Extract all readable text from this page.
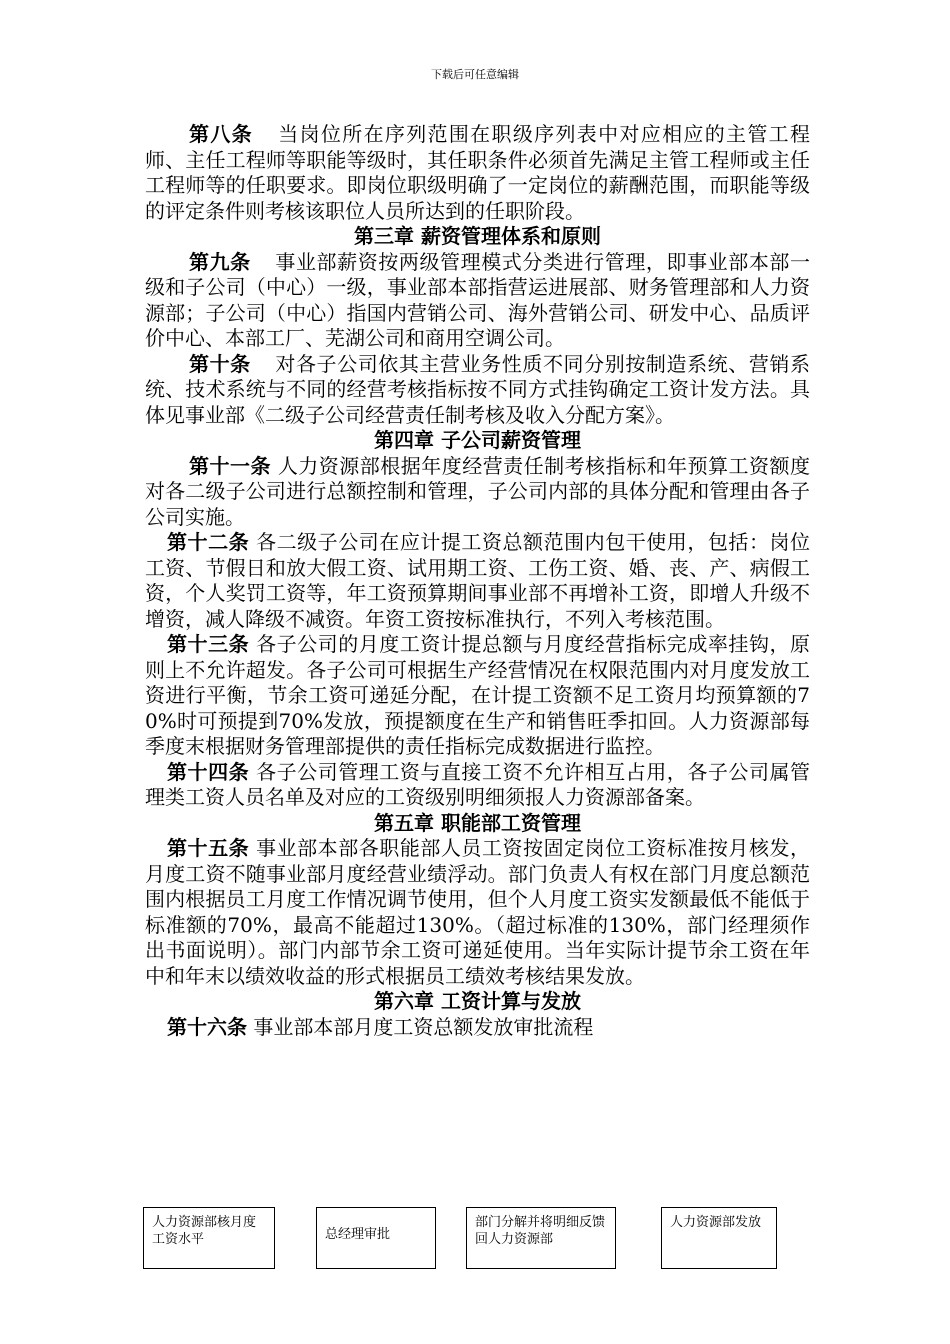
下载后可任意编辑

第八条 当岗位所在序列范围在职级序列表中对应相应的主管工程师、主任工程师等职能等级时，其任职条件必须首先满足主管工程师或主任工程师等的任职要求。即岗位职级明确了一定岗位的薪酬范围，而职能等级的评定条件则考核该职位人员所达到的任职阶段。

第三章 薪资管理体系和原则

第九条 事业部薪资按两级管理模式分类进行管理，即事业部本部一级和子公司（中心）一级，事业部本部指营运进展部、财务管理部和人力资源部；子公司（中心）指国内营销公司、海外营销公司、研发中心、品质评价中心、本部工厂、芜湖公司和商用空调公司。

第十条 对各子公司依其主营业务性质不同分别按制造系统、营销系统、技术系统与不同的经营考核指标按不同方式挂钩确定工资计发方法。具体见事业部《二级子公司经营责任制考核及收入分配方案》。

第四章 子公司薪资管理

第十一条 人力资源部根据年度经营责任制考核指标和年预算工资额度对各二级子公司进行总额控制和管理，子公司内部的具体分配和管理由各子公司实施。

第十二条 各二级子公司在应计提工资总额范围内包干使用，包括：岗位工资、节假日和放大假工资、试用期工资、工伤工资、婚、丧、产、病假工资，个人奖罚工资等，年工资预算期间事业部不再增补工资，即增人升级不增资，减人降级不减资。年资工资按标准执行，不列入考核范围。

第十三条 各子公司的月度工资计提总额与月度经营指标完成率挂钩，原则上不允许超发。各子公司可根据生产经营情况在权限范围内对月度发放工资进行平衡，节余工资可递延分配，在计提工资额不足工资月均预算额的70%时可预提到70%发放，预提额度在生产和销售旺季扣回。人力资源部每季度末根据财务管理部提供的责任指标完成数据进行监控。

第十四条 各子公司管理工资与直接工资不允许相互占用，各子公司属管理类工资人员名单及对应的工资级别明细须报人力资源部备案。

第五章 职能部工资管理

第十五条 事业部本部各职能部人员工资按固定岗位工资标准按月核发，月度工资不随事业部月度经营业绩浮动。部门负责人有权在部门月度总额范围内根据员工月度工作情况调节使用，但个人月度工资实发额最低不能低于标准额的70%，最高不能超过130%。（超过标准的130%，部门经理须作出书面说明）。部门内部节余工资可递延使用。当年实际计提节余工资在年中和年末以绩效收益的形式根据员工绩效考核结果发放。

第六章 工资计算与发放

第十六条 事业部本部月度工资总额发放审批流程

人力资源部核月度工资水平	总经理审批
部门分解并将明细反馈回人力资源部
人力资源部发放
